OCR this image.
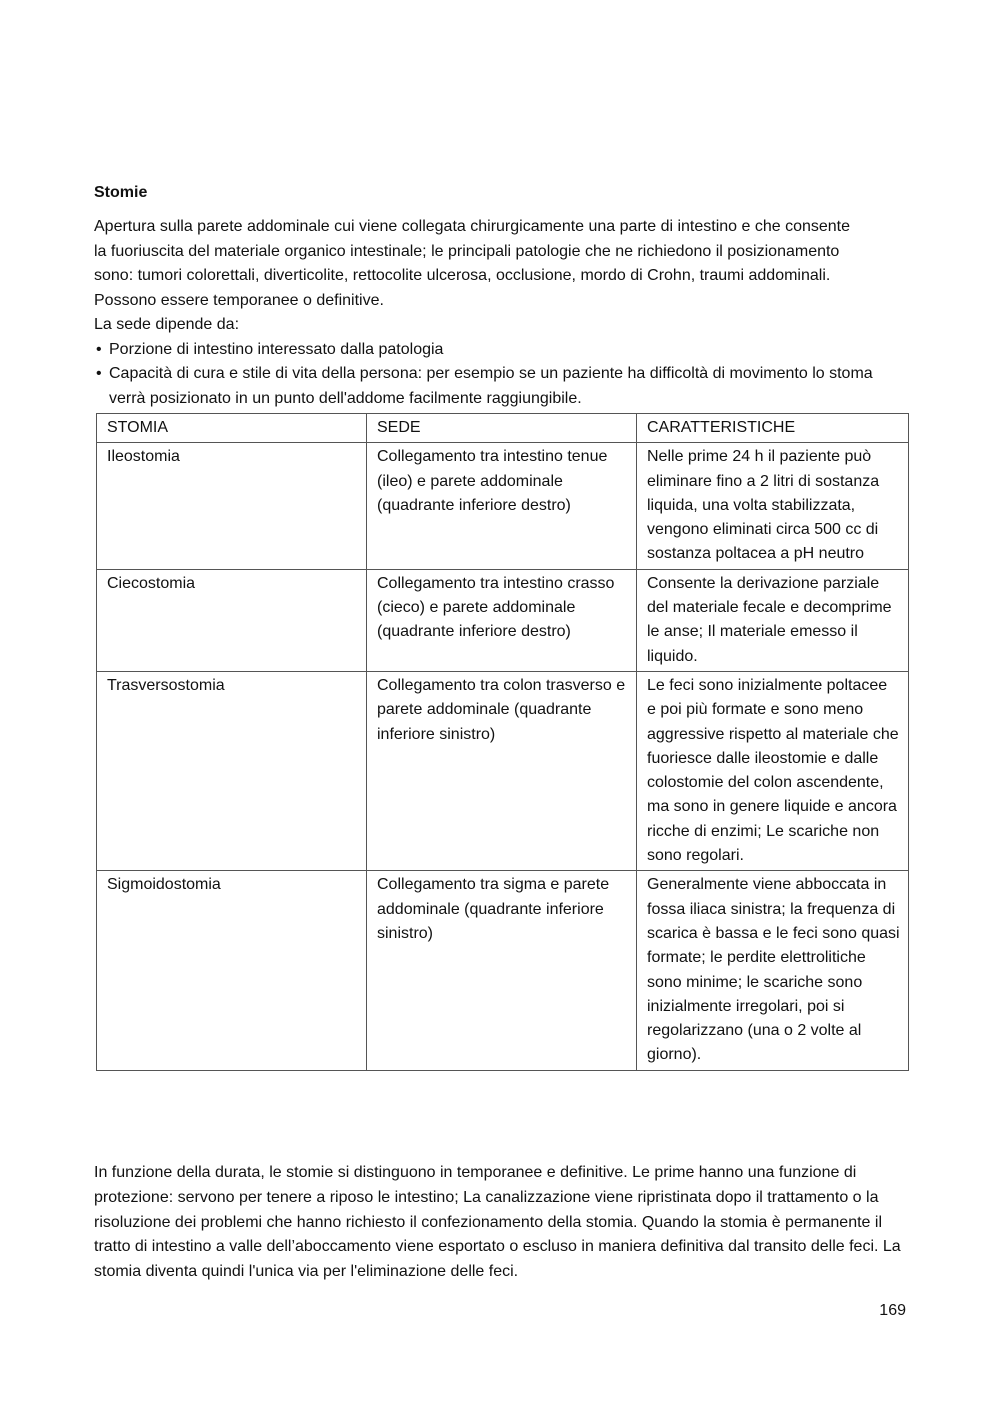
Stomie
Apertura sulla parete addominale cui viene collegata chirurgicamente una parte di intestino e che consente
la fuoriuscita del materiale organico intestinale; le principali patologie che ne richiedono il posizionamento
sono: tumori colorettali, diverticolite, rettocolite ulcerosa, occlusione, mordo di Crohn, traumi addominali.
Possono essere temporanee o definitive.
La sede dipende da:
• Porzione di intestino interessato dalla patologia
• Capacità di cura e stile di vita della persona: per esempio se un paziente ha difficoltà di movimento lo stoma verrà posizionato in un punto dell'addome facilmente raggiungibile.
STOMIA	SEDE	CARATTERISTICHE
Ileostomia	Collegamento tra intestino tenue (ileo) e parete addominale (quadrante inferiore destro)	Nelle prime 24 h il paziente può eliminare fino a 2 litri di sostanza liquida, una volta stabilizzata, vengono eliminati circa 500 cc di sostanza poltacea a pH neutro
Ciecostomia	Collegamento tra intestino crasso (cieco) e parete addominale (quadrante inferiore destro)	Consente la derivazione parziale del materiale fecale e decomprime le anse; Il materiale emesso il liquido.
Trasversostomia	Collegamento tra colon trasverso e parete addominale (quadrante inferiore sinistro)	Le feci sono inizialmente poltacee e poi più formate e sono meno aggressive rispetto al materiale che fuoriesce dalle ileostomie e dalle colostomie del colon ascendente, ma sono in genere liquide e ancora ricche di enzimi; Le scariche non sono regolari.
Sigmoidostomia	Collegamento tra sigma e parete addominale (quadrante inferiore sinistro)	Generalmente viene abboccata in fossa iliaca sinistra; la frequenza di scarica è bassa e le feci sono quasi formate; le perdite elettrolitiche sono minime; le scariche sono inizialmente irregolari, poi si regolarizzano (una o 2 volte al giorno).

In funzione della durata, le stomie si distinguono in temporanee e definitive. Le prime hanno una funzione di protezione: servono per tenere a riposo le intestino; La canalizzazione viene ripristinata dopo il trattamento o la risoluzione dei problemi che hanno richiesto il confezionamento della stomia. Quando la stomia è permanente il tratto di intestino a valle dell’aboccamento viene esportato o escluso in maniera definitiva dal transito delle feci. La stomia diventa quindi l'unica via per l'eliminazione delle feci.

169
